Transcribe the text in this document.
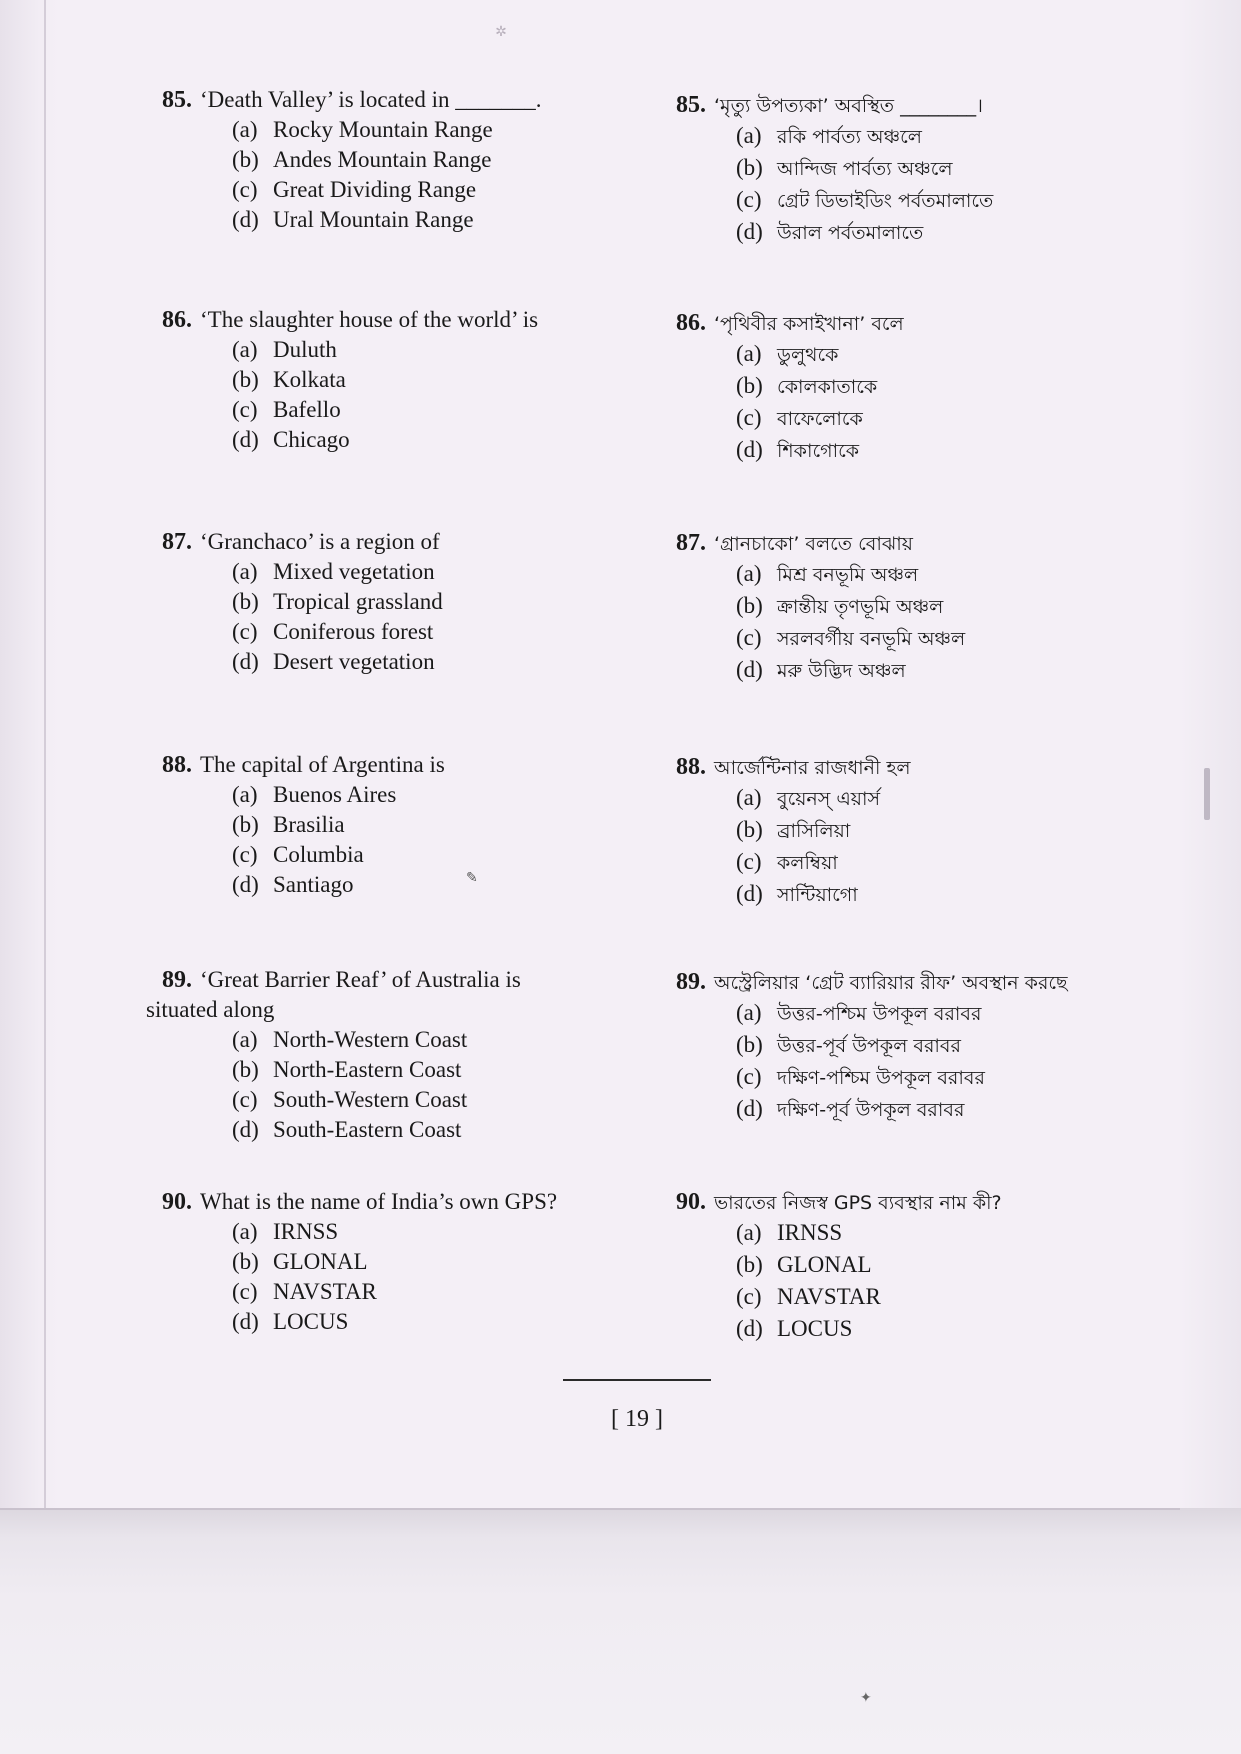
✲
85. ‘Death Valley’ is located in _______.
(a) Rocky Mountain Range
(b) Andes Mountain Range
(c) Great Dividing Range
(d) Ural Mountain Range
86. ‘The slaughter house of the world’ is
(a) Duluth
(b) Kolkata
(c) Bafello
(d) Chicago
87. ‘Granchaco’ is a region of
(a) Mixed vegetation
(b) Tropical grassland
(c) Coniferous forest
(d) Desert vegetation
88. The capital of Argentina is
(a) Buenos Aires
(b) Brasilia
(c) Columbia
(d) Santiago
89. ‘Great Barrier Reaf’ of Australia is
situated along
(a) North-Western Coast
(b) North-Eastern Coast
(c) South-Western Coast
(d) South-Eastern Coast
90. What is the name of India’s own GPS?
(a) IRNSS
(b) GLONAL
(c) NAVSTAR
(d) LOCUS
85. ‘মৃত্যু উপত্যকা’ অবস্থিত ________।
(a) রকি পার্বত্য অঞ্চলে
(b) আন্দিজ পার্বত্য অঞ্চলে
(c) গ্রেট ডিভাইডিং পর্বতমালাতে
(d) উরাল পর্বতমালাতে
86. ‘পৃথিবীর কসাইখানা’ বলে
(a) ডুলুথকে
(b) কোলকাতাকে
(c) বাফেলোকে
(d) শিকাগোকে
87. ‘গ্রানচাকো’ বলতে বোঝায়
(a) মিশ্র বনভূমি অঞ্চল
(b) ক্রান্তীয় তৃণভূমি অঞ্চল
(c) সরলবর্গীয় বনভূমি অঞ্চল
(d) মরু উদ্ভিদ অঞ্চল
88. আর্জেন্টিনার রাজধানী হল
(a) বুয়েনস্ এয়ার্স
(b) ব্রাসিলিয়া
(c) কলম্বিয়া
(d) সান্টিয়াগো
89. অস্ট্রেলিয়ার ‘গ্রেট ব্যারিয়ার রীফ’ অবস্থান করছে
(a) উত্তর-পশ্চিম উপকূল বরাবর
(b) উত্তর-পূর্ব উপকূল বরাবর
(c) দক্ষিণ-পশ্চিম উপকূল বরাবর
(d) দক্ষিণ-পূর্ব উপকূল বরাবর
90. ভারতের নিজস্ব GPS ব্যবস্থার নাম কী?
(a) IRNSS
(b) GLONAL
(c) NAVSTAR
(d) LOCUS
✎
[ 19 ]
✦
